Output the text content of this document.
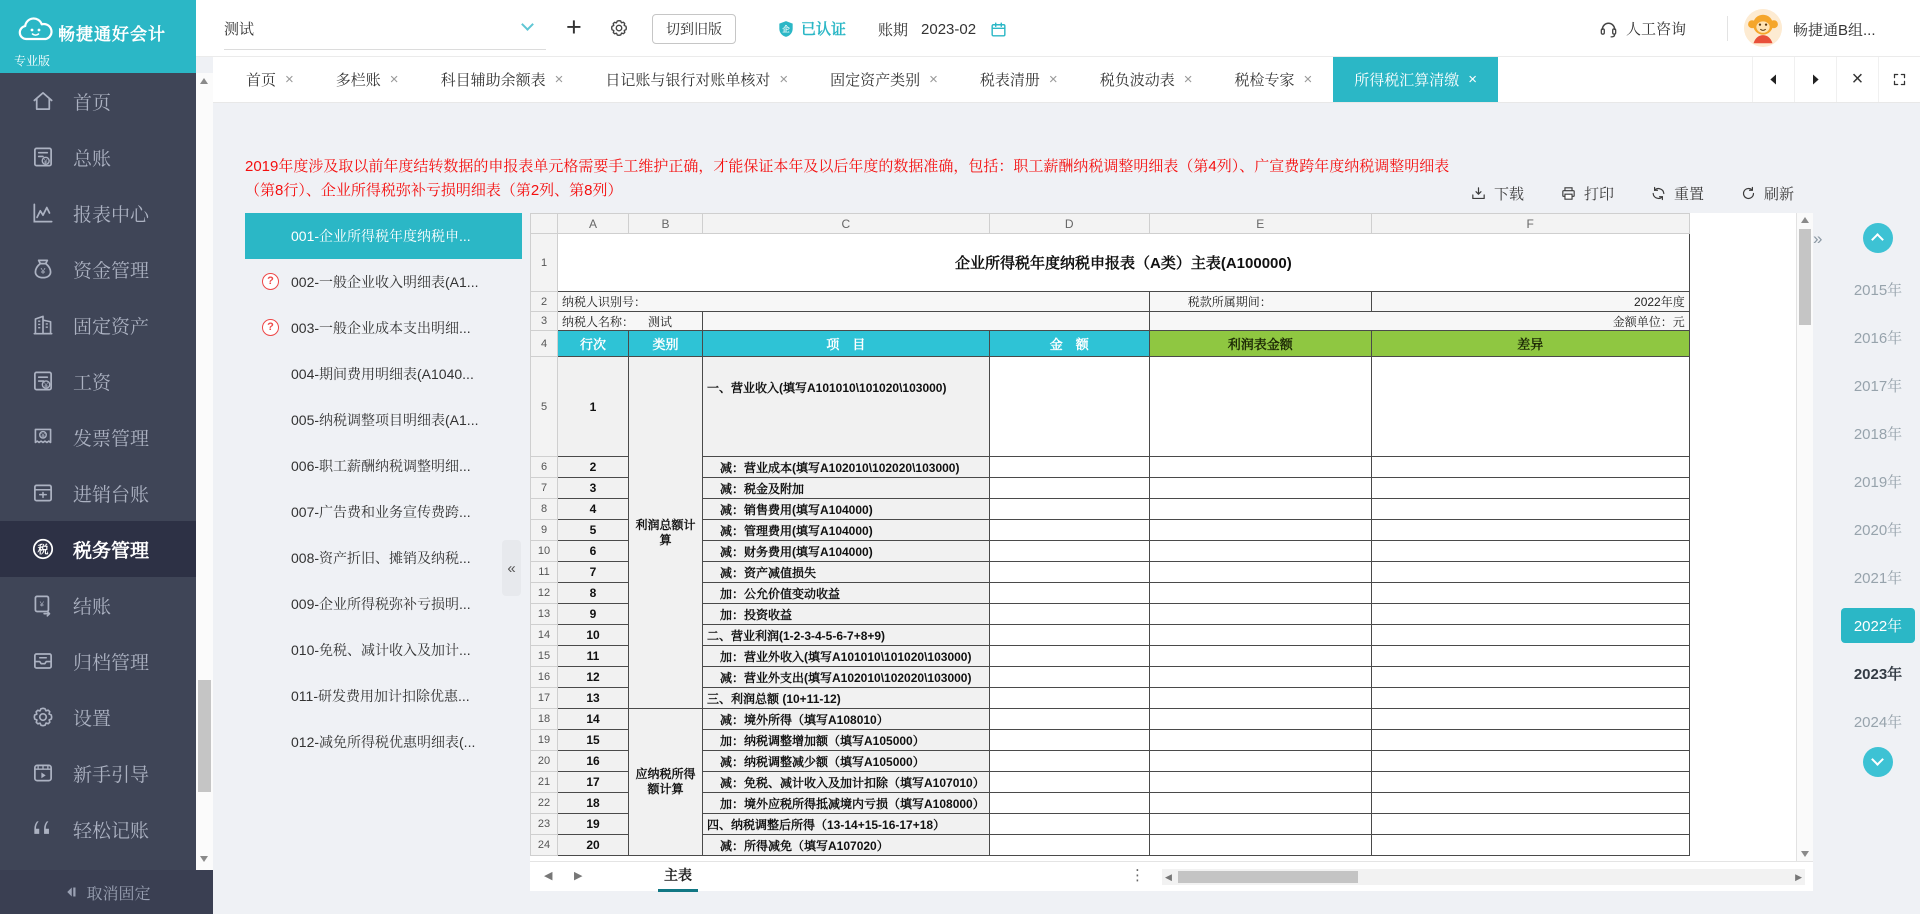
测试	+	切到旧版	企 已认证 账期 2023-02	人工咨询	畅捷通B组...
畅捷通好会计
专业版
首页
¥ 总账
报表中心
¥ 资金管理
固定资产
¥ 工资
¥ 发票管理
进销台账
税 税务管理
¥ 结账
归档管理
设置
新手引导
轻松记账
取消固定
首页 ×	多栏账 ×	科目辅助余额表 ×	日记账与银行对账单核对 ×	固定资产类别 ×	税表清册 ×	税负波动表 ×	税检专家 ×	所得税汇算清缴 ×	×
2019年度涉及取以前年度结转数据的申报表单元格需要手工维护正确，才能保证本年及以后年度的数据准确，包括：职工薪酬纳税调整明细表（第4列）、广宣费跨年度纳税调整明细表（第8行）、企业所得税弥补亏损明细表（第2列、第8列）	下载	打印	重置	刷新
001-企业所得税年度纳税申...
?	002-一般企业收入明细表(A1...
?	003-一般企业成本支出明细...
004-期间费用明细表(A1040...
005-纳税调整项目明细表(A1...
006-职工薪酬纳税调整明细...
007-广告费和业务宣传费跨...
008-资产折旧、摊销及纳税...
009-企业所得税弥补亏损明...
010-免税、减计收入及加计...
011-研发费用加计扣除优惠...
012-减免所得税优惠明细表(...
«
	A	B	C	D	E	F
1	企业所得税年度纳税申报表（A类）主表(A100000)					
2	纳税人识别号：				税款所属期间：	2022年度
3	纳税人名称： 测试				金额单位：元	
4	行次	类别	项　目	金　额	利润表金额	差异
5	1	利润总额计算	一、营业收入(填写A101010\101020\103000)			
6	2		减：营业成本(填写A102010\102020\103000)			
7	3		减：税金及附加			
8	4		减：销售费用(填写A104000)			
9	5		减：管理费用(填写A104000)			
10	6		减：财务费用(填写A104000)			
11	7		减：资产减值损失			
12	8		加：公允价值变动收益			
13	9		加：投资收益			
14	10		二、营业利润(1-2-3-4-5-6-7+8+9)			
15	11		加：营业外收入(填写A101010\101020\103000)			
16	12		减：营业外支出(填写A102010\102020\103000)			
17	13		三、利润总额 (10+11-12)			
18	14	应纳税所得额计算	减：境外所得（填写A108010）			
19	15		加：纳税调整增加额（填写A105000）			
20	16		减：纳税调整减少额（填写A105000）			
21	17		减：免税、减计收入及加计扣除（填写A107010）			
22	18		加：境外应税所得抵减境内亏损（填写A108000）			
23	19		四、纳税调整后所得（13-14+15-16-17+18）			
24	20		减：所得减免（填写A107020）			
◀ ▶	主表	⋮ ◀	▶
»
2015年
2016年
2017年
2018年
2019年
2020年
2021年
2022年
2023年
2024年
